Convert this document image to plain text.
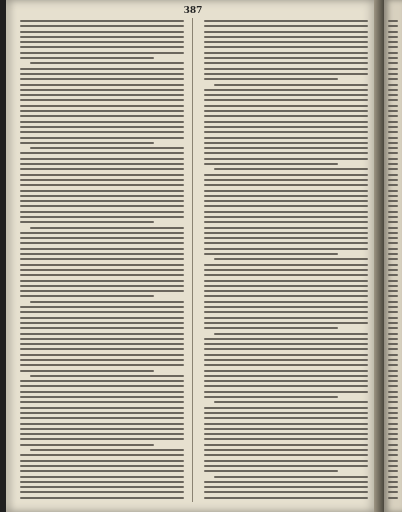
387
